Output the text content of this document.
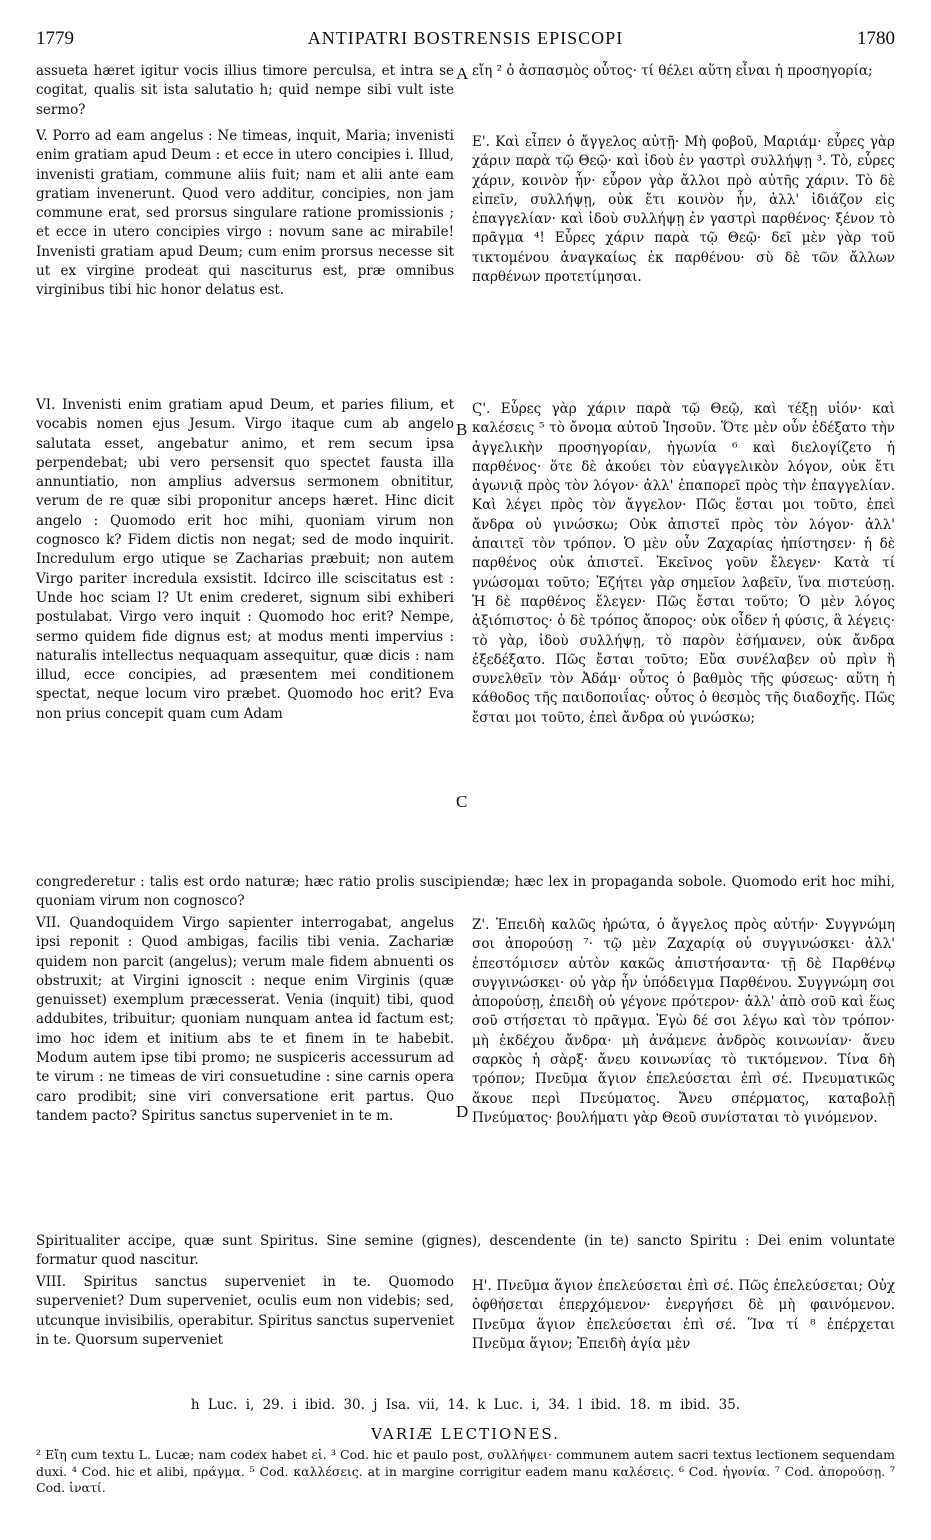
1779	ANTIPATRI BOSTRENSIS EPISCOPI	1780

assueta hæret igitur vocis illius timore perculsa, et intra se cogitat, qualis sit ista salutatio h; quid nempe sibi vult iste sermo?

A εἴη ² ὁ ἀσπασμὸς οὗτος· τί θέλει αὕτη εἶναι ἡ προσηγορία;

V. Porro ad eam angelus : Ne timeas, inquit, Maria; invenisti enim gratiam apud Deum : et ecce in utero concipies i. Illud, invenisti gratiam, commune aliis fuit; nam et alii ante eam gratiam invenerunt. Quod vero additur, concipies, non jam commune erat, sed prorsus singulare ratione promissionis ; et ecce in utero concipies virgo : novum sane ac mirabile! Invenisti gratiam apud Deum; cum enim prorsus necesse sit ut ex virgine prodeat qui nasciturus est, præ omnibus virginibus tibi hic honor delatus est.

Ε'. Καὶ εἶπεν ὁ ἄγγελος αὐτῇ· Μὴ φοβοῦ, Μαριάμ· εὗρες γὰρ χάριν παρὰ τῷ Θεῷ· καὶ ἰδοὺ ἐν γαστρὶ συλλήψῃ ³. Τὸ, εὗρες χάριν, κοινὸν ἦν· εὗρον γὰρ ἄλλοι πρὸ αὐτῆς χάριν. Τὸ δὲ εἰπεῖν, συλλήψῃ, οὐκ ἔτι κοινὸν ἦν, ἀλλ' ἰδιάζον εἰς ἐπαγγελίαν· καὶ ἰδοὺ συλλήψῃ ἐν γαστρὶ παρθένος· ξένον τὸ πρᾶγμα ⁴! Εὗρες χάριν παρὰ τῷ Θεῷ· δεῖ μὲν γὰρ τοῦ τικτομένου ἀναγκαίως ἐκ παρθένου· σὺ δὲ τῶν ἄλλων παρθένων προτετίμησαι.

VI. Invenisti enim gratiam apud Deum, et paries filium, et vocabis nomen ejus Jesum. Virgo itaque cum ab angelo salutata esset, angebatur animo, et rem secum ipsa perpendebat; ubi vero persensit quo spectet fausta illa annuntiatio, non amplius adversus sermonem obnititur, verum de re quæ sibi proponitur anceps hæret. Hinc dicit angelo : Quomodo erit hoc mihi, quoniam virum non cognosco k? Fidem dictis non negat; sed de modo inquirit. Incredulum ergo utique se Zacharias præbuit; non autem Virgo pariter incredula exsistit. Idcirco ille sciscitatus est : Unde hoc sciam l? Ut enim crederet, signum sibi exhiberi postulabat. Virgo vero inquit : Quomodo hoc erit? Nempe, sermo quidem fide dignus est; at modus menti impervius : naturalis intellectus nequaquam assequitur, quæ dicis : nam illud, ecce concipies, ad præsentem mei conditionem spectat, neque locum viro præbet. Quomodo hoc erit? Eva non prius concepit quam cum Adam

B
C

Ϛ'. Εὗρες γὰρ χάριν παρὰ τῷ Θεῷ, καὶ τέξῃ υἱόν· καὶ καλέσεις ⁵ τὸ ὄνομα αὐτοῦ Ἰησοῦν. Ὅτε μὲν οὖν ἐδέξατο τὴν ἀγγελικὴν προσηγορίαν, ἠγωνία ⁶ καὶ διελογίζετο ἡ παρθένος· ὅτε δὲ ἀκούει τὸν εὐαγγελικὸν λόγον, οὐκ ἔτι ἀγωνιᾷ πρὸς τὸν λόγον· ἀλλ' ἐπαπορεῖ πρὸς τὴν ἐπαγγελίαν. Καὶ λέγει πρὸς τὸν ἄγγελον· Πῶς ἔσται μοι τοῦτο, ἐπεὶ ἄνδρα οὐ γινώσκω; Οὐκ ἀπιστεῖ πρὸς τὸν λόγον· ἀλλ' ἀπαιτεῖ τὸν τρόπον. Ὁ μὲν οὖν Ζαχαρίας ἠπίστησεν· ἡ δὲ παρθένος οὐκ ἀπιστεῖ. Ἐκεῖνος γοῦν ἔλεγεν· Κατὰ τί γνώσομαι τοῦτο; Ἐζήτει γὰρ σημεῖον λαβεῖν, ἵνα πιστεύσῃ. Ἡ δὲ παρθένος ἔλεγεν· Πῶς ἔσται τοῦτο; Ὁ μὲν λόγος ἀξιόπιστος· ὁ δὲ τρόπος ἄπορος· οὐκ οἶδεν ἡ φύσις, ἃ λέγεις· τὸ γὰρ, ἰδοὺ συλλήψῃ, τὸ παρὸν ἐσήμανεν, οὐκ ἄνδρα ἐξεδέξατο. Πῶς ἔσται τοῦτο; Εὔα συνέλαβεν οὐ πρὶν ἢ συνελθεῖν τὸν Ἀδάμ· οὗτος ὁ βαθμὸς τῆς φύσεως· αὕτη ἡ κάθοδος τῆς παιδοποιΐας· οὗτος ὁ θεσμὸς τῆς διαδοχῆς. Πῶς ἔσται μοι τοῦτο, ἐπεὶ ἄνδρα οὐ γινώσκω;

congrederetur : talis est ordo naturæ; hæc ratio prolis suscipiendæ; hæc lex in propaganda sobole. Quomodo erit hoc mihi, quoniam virum non cognosco?

VII. Quandoquidem Virgo sapienter interrogabat, angelus ipsi reponit : Quod ambigas, facilis tibi venia. Zachariæ quidem non parcit (angelus); verum male fidem abnuenti os obstruxit; at Virgini ignoscit : neque enim Virginis (quæ genuisset) exemplum præcesserat. Venia (inquit) tibi, quod addubites, tribuitur; quoniam nunquam antea id factum est; imo hoc idem et initium abs te et finem in te habebit. Modum autem ipse tibi promo; ne suspiceris accessurum ad te virum : ne timeas de viri consuetudine : sine carnis opera caro prodibit; sine viri conversatione erit partus. Quo tandem pacto? Spiritus sanctus superveniet in te m.	D

Ζ'. Ἐπειδὴ καλῶς ἠρώτα, ὁ ἄγγελος πρὸς αὐτήν· Συγγνώμη σοι ἀπορούσῃ ⁷· τῷ μὲν Ζαχαρίᾳ οὐ συγγινώσκει· ἀλλ' ἐπεστόμισεν αὐτὸν κακῶς ἀπιστήσαντα· τῇ δὲ Παρθένῳ συγγινώσκει· οὐ γὰρ ἦν ὑπόδειγμα Παρθένου. Συγγνώμη σοι ἀπορούσῃ, ἐπειδὴ οὐ γέγονε πρότερον· ἀλλ' ἀπὸ σοῦ καὶ ἕως σοῦ στήσεται τὸ πρᾶγμα. Ἐγὼ δέ σοι λέγω καὶ τὸν τρόπον· μὴ ἐκδέχου ἄνδρα· μὴ ἀνάμενε ἀνδρὸς κοινωνίαν· ἄνευ σαρκὸς ἡ σὰρξ· ἄνευ κοινωνίας τὸ τικτόμενον. Τίνα δὴ τρόπον; Πνεῦμα ἅγιον ἐπελεύσεται ἐπὶ σέ. Πνευματικῶς ἄκουε περὶ Πνεύματος. Ἄνευ σπέρματος, καταβολῇ Πνεύματος· βουλήματι γὰρ Θεοῦ συνίσταται τὸ γινόμενον.

Spiritualiter accipe, quæ sunt Spiritus. Sine semine (gignes), descendente (in te) sancto Spiritu : Dei enim voluntate formatur quod nascitur.

VIII. Spiritus sanctus superveniet in te. Quomodo superveniet? Dum superveniet, oculis eum non videbis; sed, utcunque invisibilis, operabitur. Spiritus sanctus superveniet in te. Quorsum superveniet

Η'. Πνεῦμα ἅγιον ἐπελεύσεται ἐπὶ σέ. Πῶς ἐπελεύσεται; Οὐχ ὀφθήσεται ἐπερχόμενον· ἐνεργήσει δὲ μὴ φαινόμενον. Πνεῦμα ἅγιον ἐπελεύσεται ἐπὶ σέ. Ἵνα τί ⁸ ἐπέρχεται Πνεῦμα ἅγιον; Ἐπειδὴ ἁγία μὲν

h Luc. i, 29. i ibid. 30. j Isa. vii, 14. k Luc. i, 34. l ibid. 18. m ibid. 35.
VARIÆ LECTIONES.

² Εἴη cum textu L. Lucæ; nam codex habet εἰ. ³ Cod. hic et paulo post, συλλήψει· communem autem sacri textus lectionem sequendam duxi. ⁴ Cod. hic et alibi, πράγμα. ⁵ Cod. καλλέσεις. at in margine corrigitur eadem manu καλέσεις. ⁶ Cod. ἠγονία. ⁷ Cod. ἀπορούσῃ. ⁷ Cod. ἱνατί.
